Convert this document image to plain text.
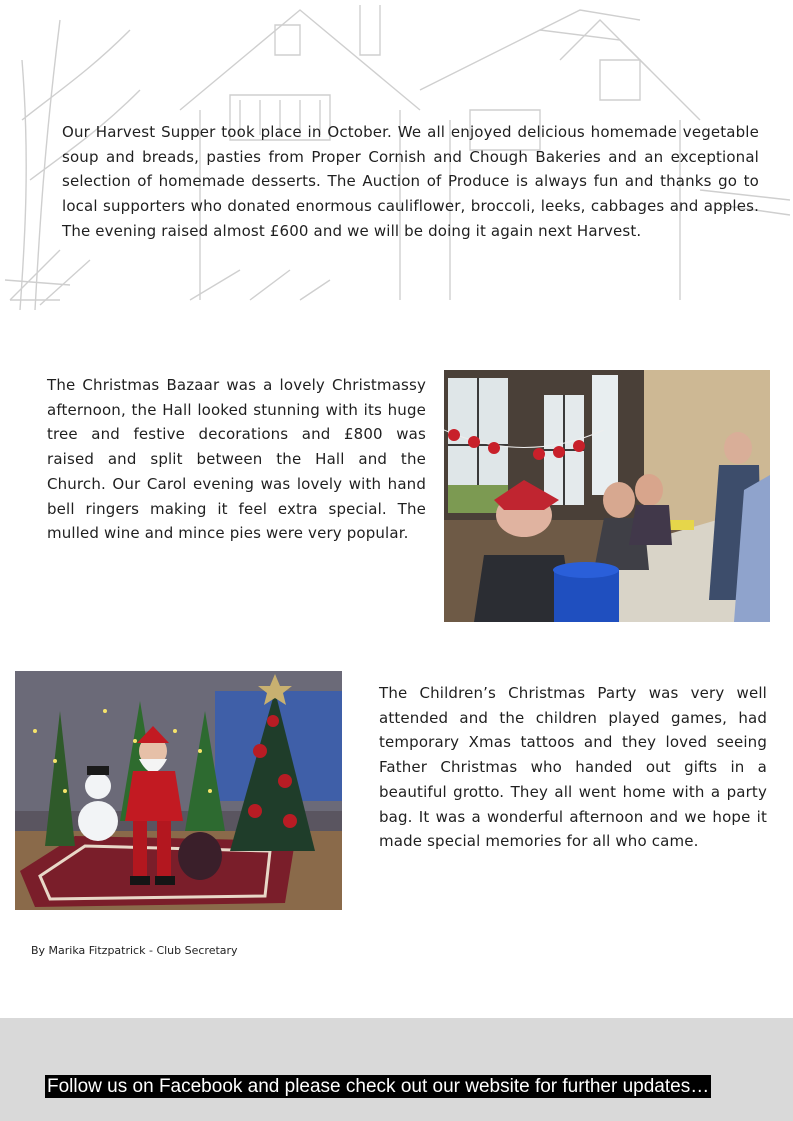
Our Harvest Supper took place in October. We all enjoyed delicious homemade vegetable soup and breads, pasties from Proper Cornish and Chough Bakeries and an exceptional selection of homemade desserts. The Auction of Produce is always fun and thanks go to local supporters who donated enormous cauliflower, broccoli, leeks, cabbages and apples. The evening raised almost £600 and we will be doing it again next Harvest.

The Christmas Bazaar was a lovely Christmassy afternoon, the Hall looked stunning with its huge tree and festive decorations and £800 was raised and split between the Hall and the Church. Our Carol evening was lovely with hand bell ringers making it feel extra special. The mulled wine and mince pies were very popular.

The Children’s Christmas Party was very well attended and the children played games, had temporary Xmas tattoos and they loved seeing Father Christmas who handed out gifts in a beautiful grotto. They all went home with a party bag. It was a wonderful afternoon and we hope it made special memories for all who came.

By Marika Fitzpatrick - Club Secretary
Follow us on Facebook and please check out our website for further updates…
